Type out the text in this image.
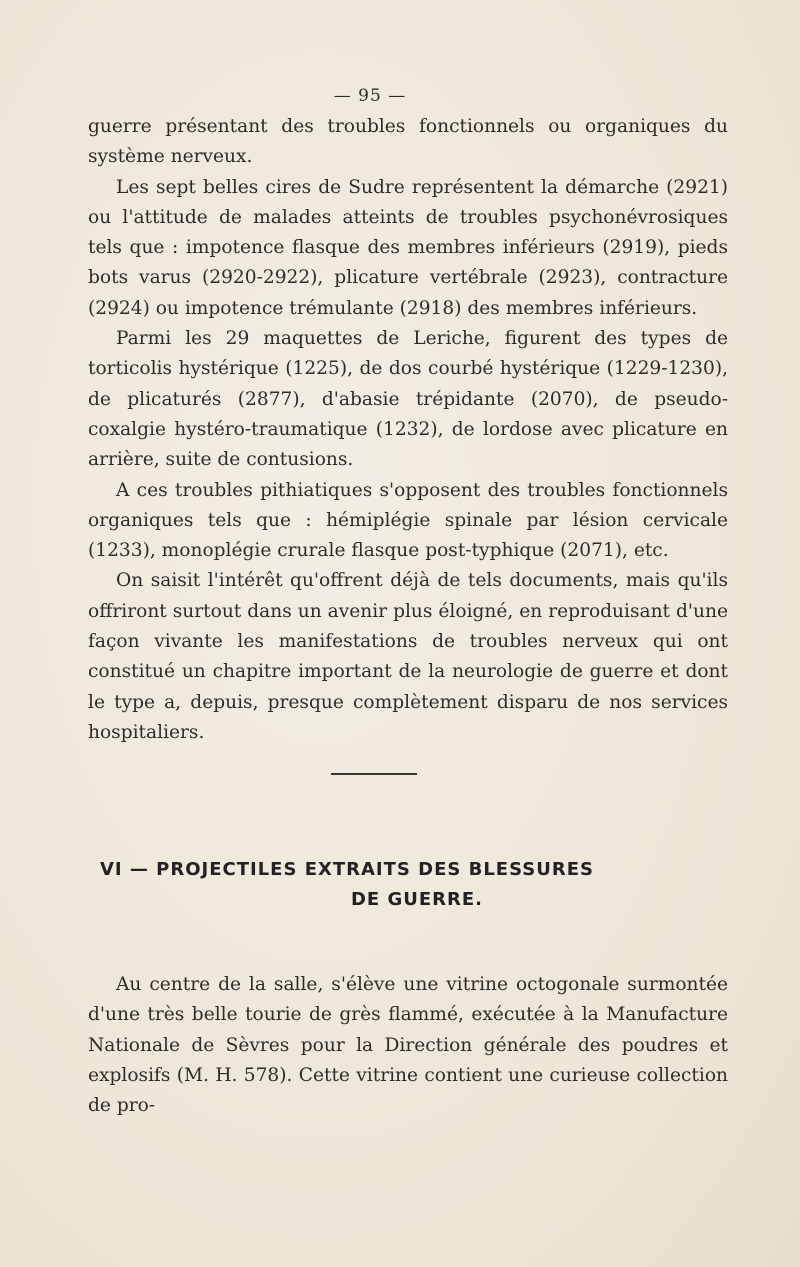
— 95 —

guerre présentant des troubles fonctionnels ou organiques du système nerveux.

Les sept belles cires de Sudre représentent la démarche (2921) ou l'attitude de malades atteints de troubles psychonévrosiques tels que : impotence flasque des membres inférieurs (2919), pieds bots varus (2920-2922), plicature vertébrale (2923), contracture (2924) ou impotence trémulante (2918) des membres inférieurs.

Parmi les 29 maquettes de Leriche, figurent des types de torticolis hystérique (1225), de dos courbé hystérique (1229-1230), de plicaturés (2877), d'abasie trépidante (2070), de pseudo-coxalgie hystéro-traumatique (1232), de lordose avec plicature en arrière, suite de contusions.

A ces troubles pithiatiques s'opposent des troubles fonctionnels organiques tels que : hémiplégie spinale par lésion cervicale (1233), monoplégie crurale flasque post-typhique (2071), etc.

On saisit l'intérêt qu'offrent déjà de tels documents, mais qu'ils offriront surtout dans un avenir plus éloigné, en reproduisant d'une façon vivante les manifestations de troubles nerveux qui ont constitué un chapitre important de la neurologie de guerre et dont le type a, depuis, presque complètement disparu de nos services hospitaliers.

VI — PROJECTILES EXTRAITS DES BLESSURES
DE GUERRE.

Au centre de la salle, s'élève une vitrine octogonale surmontée d'une très belle tourie de grès flammé, exécutée à la Manufacture Nationale de Sèvres pour la Direction générale des poudres et explosifs (M. H. 578). Cette vitrine contient une curieuse collection de pro-
